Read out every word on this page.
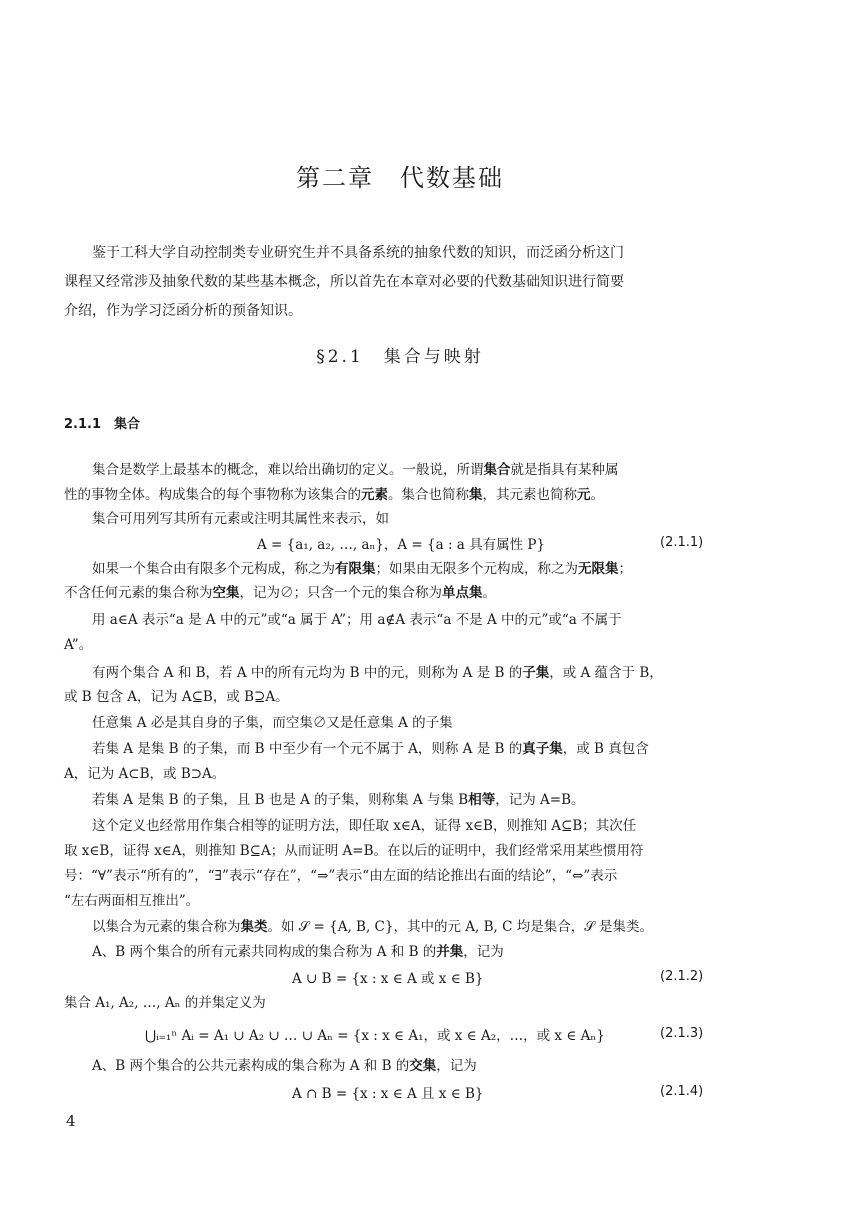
第二章　代数基础

鉴于工科大学自动控制类专业研究生并不具备系统的抽象代数的知识，而泛函分析这门

课程又经常涉及抽象代数的某些基本概念，所以首先在本章对必要的代数基础知识进行简要

介绍，作为学习泛函分析的预备知识。

§2.1　集合与映射
2.1.1　集合
集合是数学上最基本的概念，难以给出确切的定义。一般说，所谓集合就是指具有某种属
性的事物全体。构成集合的每个事物称为该集合的元素。集合也简称集，其元素也简称元。
集合可用列写其所有元素或注明其属性来表示，如
A = {a₁, a₂, …, aₙ}，A = {a : a 具有属性 P}	(2.1.1)
如果一个集合由有限多个元构成，称之为有限集；如果由无限多个元构成，称之为无限集；
不含任何元素的集合称为空集，记为∅；只含一个元的集合称为单点集。
用 a∈A 表示“a 是 A 中的元”或“a 属于 A”；用 a∉A 表示“a 不是 A 中的元”或“a 不属于
A”。
有两个集合 A 和 B，若 A 中的所有元均为 B 中的元，则称为 A 是 B 的子集，或 A 蕴含于 B，
或 B 包含 A，记为 A⊆B，或 B⊇A。
任意集 A 必是其自身的子集，而空集∅又是任意集 A 的子集
若集 A 是集 B 的子集，而 B 中至少有一个元不属于 A，则称 A 是 B 的真子集，或 B 真包含
A，记为 A⊂B，或 B⊃A。
若集 A 是集 B 的子集，且 B 也是 A 的子集，则称集 A 与集 B相等，记为 A=B。
这个定义也经常用作集合相等的证明方法，即任取 x∈A，证得 x∈B，则推知 A⊆B；其次任
取 x∈B，证得 x∈A，则推知 B⊆A；从而证明 A=B。在以后的证明中，我们经常采用某些惯用符
号：“∀”表示“所有的”，“∃”表示“存在”，“⇒”表示“由左面的结论推出右面的结论”，“⇔”表示
“左右两面相互推出”。
以集合为元素的集合称为集类。如 𝒮 = {A, B, C}，其中的元 A, B, C 均是集合，𝒮 是集类。
A、B 两个集合的所有元素共同构成的集合称为 A 和 B 的并集，记为
A ∪ B = {x : x ∈ A 或 x ∈ B}	(2.1.2)
集合 A₁, A₂, …, Aₙ 的并集定义为
⋃ᵢ₌₁ⁿ Aᵢ = A₁ ∪ A₂ ∪ … ∪ Aₙ = {x : x ∈ A₁，或 x ∈ A₂，…，或 x ∈ Aₙ}	(2.1.3)
A、B 两个集合的公共元素构成的集合称为 A 和 B 的交集，记为
A ∩ B = {x : x ∈ A 且 x ∈ B}	(2.1.4)
4
